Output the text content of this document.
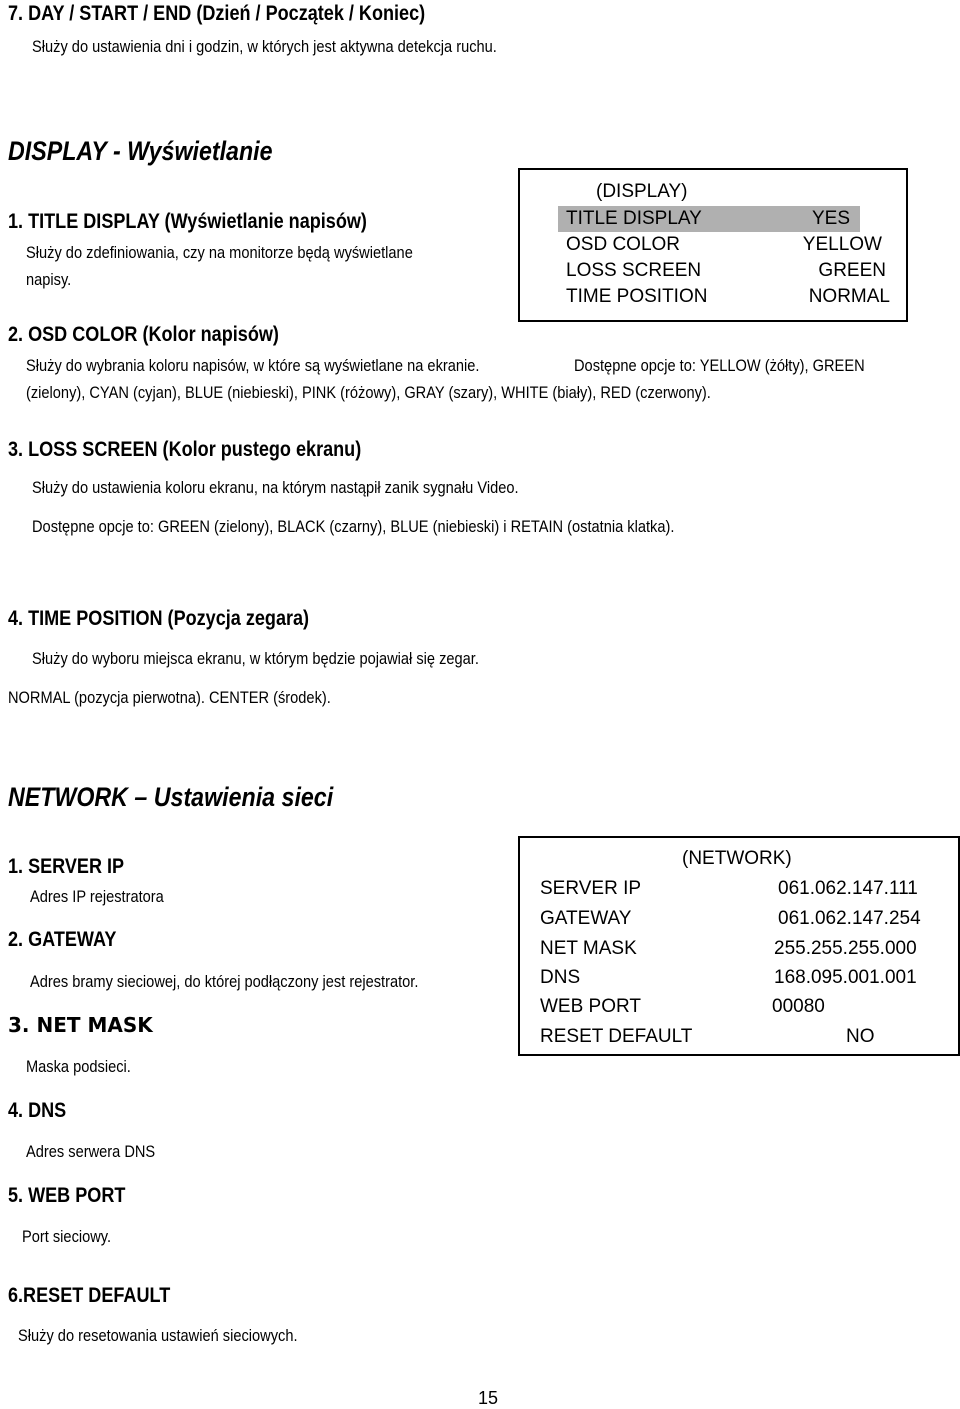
7. DAY / START / END (Dzień / Początek / Koniec)
Służy do ustawienia dni i godzin, w których jest aktywna detekcja ruchu.
DISPLAY - Wyświetlanie
1. TITLE DISPLAY (Wyświetlanie napisów)
Służy do zdefiniowania, czy na monitorze będą wyświetlane
napisy.
(DISPLAY)
TITLE DISPLAY	YES
OSD COLOR	YELLOW
LOSS SCREEN	GREEN
TIME POSITION	NORMAL
2. OSD COLOR (Kolor napisów)
Służy do wybrania koloru napisów, w które są wyświetlane na ekranie.	Dostępne opcje to: YELLOW (żółty), GREEN
(zielony), CYAN (cyjan), BLUE (niebieski), PINK (różowy), GRAY (szary), WHITE (biały), RED (czerwony).
3. LOSS SCREEN (Kolor pustego ekranu)
Służy do ustawienia koloru ekranu, na którym nastąpił zanik sygnału Video.
Dostępne opcje to: GREEN (zielony), BLACK (czarny), BLUE (niebieski) i RETAIN (ostatnia klatka).
4. TIME POSITION (Pozycja zegara)
Służy do wyboru miejsca ekranu, w którym będzie pojawiał się zegar.
NORMAL (pozycja pierwotna). CENTER (środek).
NETWORK – Ustawienia sieci
1. SERVER IP
Adres IP rejestratora
2. GATEWAY
Adres bramy sieciowej, do której podłączony jest rejestrator.
3. NET MASK
Maska podsieci.
4. DNS
Adres serwera DNS
5. WEB PORT
Port sieciowy.
6.RESET DEFAULT
Służy do resetowania ustawień sieciowych.
(NETWORK)
SERVER IP	061.062.147.111
GATEWAY	061.062.147.254
NET MASK	255.255.255.000
DNS	168.095.001.001
WEB PORT	00080
RESET DEFAULT	NO
15
